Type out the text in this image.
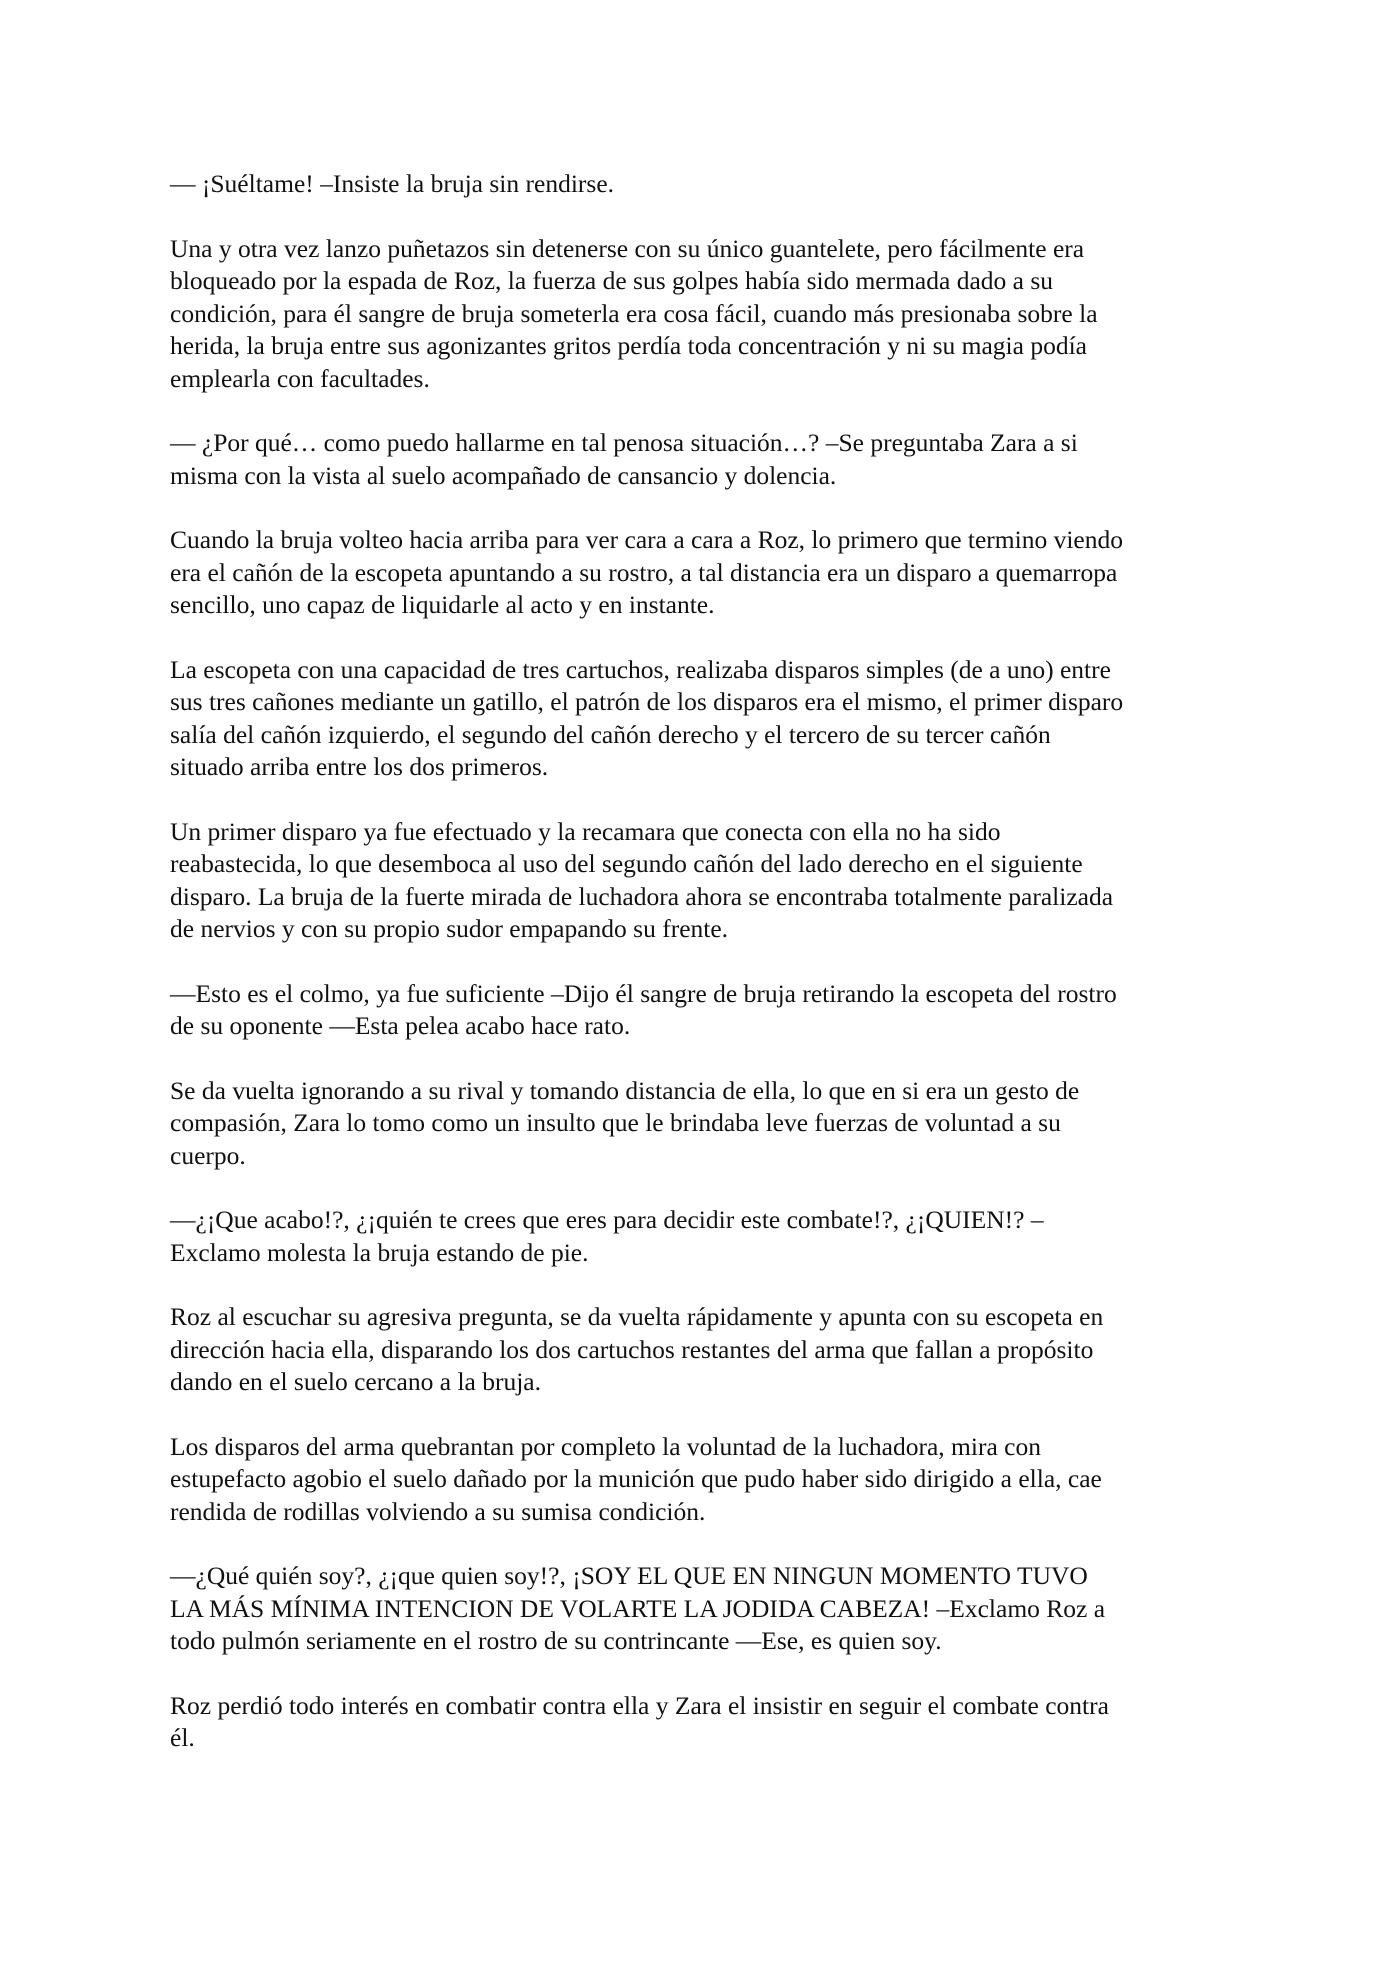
— ¡Suéltame! –Insiste la bruja sin rendirse.

Una y otra vez lanzo puñetazos sin detenerse con su único guantelete, pero fácilmente era
bloqueado por la espada de Roz, la fuerza de sus golpes había sido mermada dado a su
condición, para él sangre de bruja someterla era cosa fácil, cuando más presionaba sobre la
herida, la bruja entre sus agonizantes gritos perdía toda concentración y ni su magia podía
emplearla con facultades.

— ¿Por qué… como puedo hallarme en tal penosa situación…? –Se preguntaba Zara a si
misma con la vista al suelo acompañado de cansancio y dolencia.

Cuando la bruja volteo hacia arriba para ver cara a cara a Roz, lo primero que termino viendo
era el cañón de la escopeta apuntando a su rostro, a tal distancia era un disparo a quemarropa
sencillo, uno capaz de liquidarle al acto y en instante.

La escopeta con una capacidad de tres cartuchos, realizaba disparos simples (de a uno) entre
sus tres cañones mediante un gatillo, el patrón de los disparos era el mismo, el primer disparo
salía del cañón izquierdo, el segundo del cañón derecho y el tercero de su tercer cañón
situado arriba entre los dos primeros.

Un primer disparo ya fue efectuado y la recamara que conecta con ella no ha sido
reabastecida, lo que desemboca al uso del segundo cañón del lado derecho en el siguiente
disparo. La bruja de la fuerte mirada de luchadora ahora se encontraba totalmente paralizada
de nervios y con su propio sudor empapando su frente.

—Esto es el colmo, ya fue suficiente –Dijo él sangre de bruja retirando la escopeta del rostro
de su oponente —Esta pelea acabo hace rato.

Se da vuelta ignorando a su rival y tomando distancia de ella, lo que en si era un gesto de
compasión, Zara lo tomo como un insulto que le brindaba leve fuerzas de voluntad a su
cuerpo.

—¿¡Que acabo!?, ¿¡quién te crees que eres para decidir este combate!?, ¿¡QUIEN!? –
Exclamo molesta la bruja estando de pie.

Roz al escuchar su agresiva pregunta, se da vuelta rápidamente y apunta con su escopeta en
dirección hacia ella, disparando los dos cartuchos restantes del arma que fallan a propósito
dando en el suelo cercano a la bruja.

Los disparos del arma quebrantan por completo la voluntad de la luchadora, mira con
estupefacto agobio el suelo dañado por la munición que pudo haber sido dirigido a ella, cae
rendida de rodillas volviendo a su sumisa condición.

—¿Qué quién soy?, ¿¡que quien soy!?, ¡SOY EL QUE EN NINGUN MOMENTO TUVO
LA MÁS MÍNIMA INTENCION DE VOLARTE LA JODIDA CABEZA! –Exclamo Roz a
todo pulmón seriamente en el rostro de su contrincante —Ese, es quien soy.

Roz perdió todo interés en combatir contra ella y Zara el insistir en seguir el combate contra
él.
